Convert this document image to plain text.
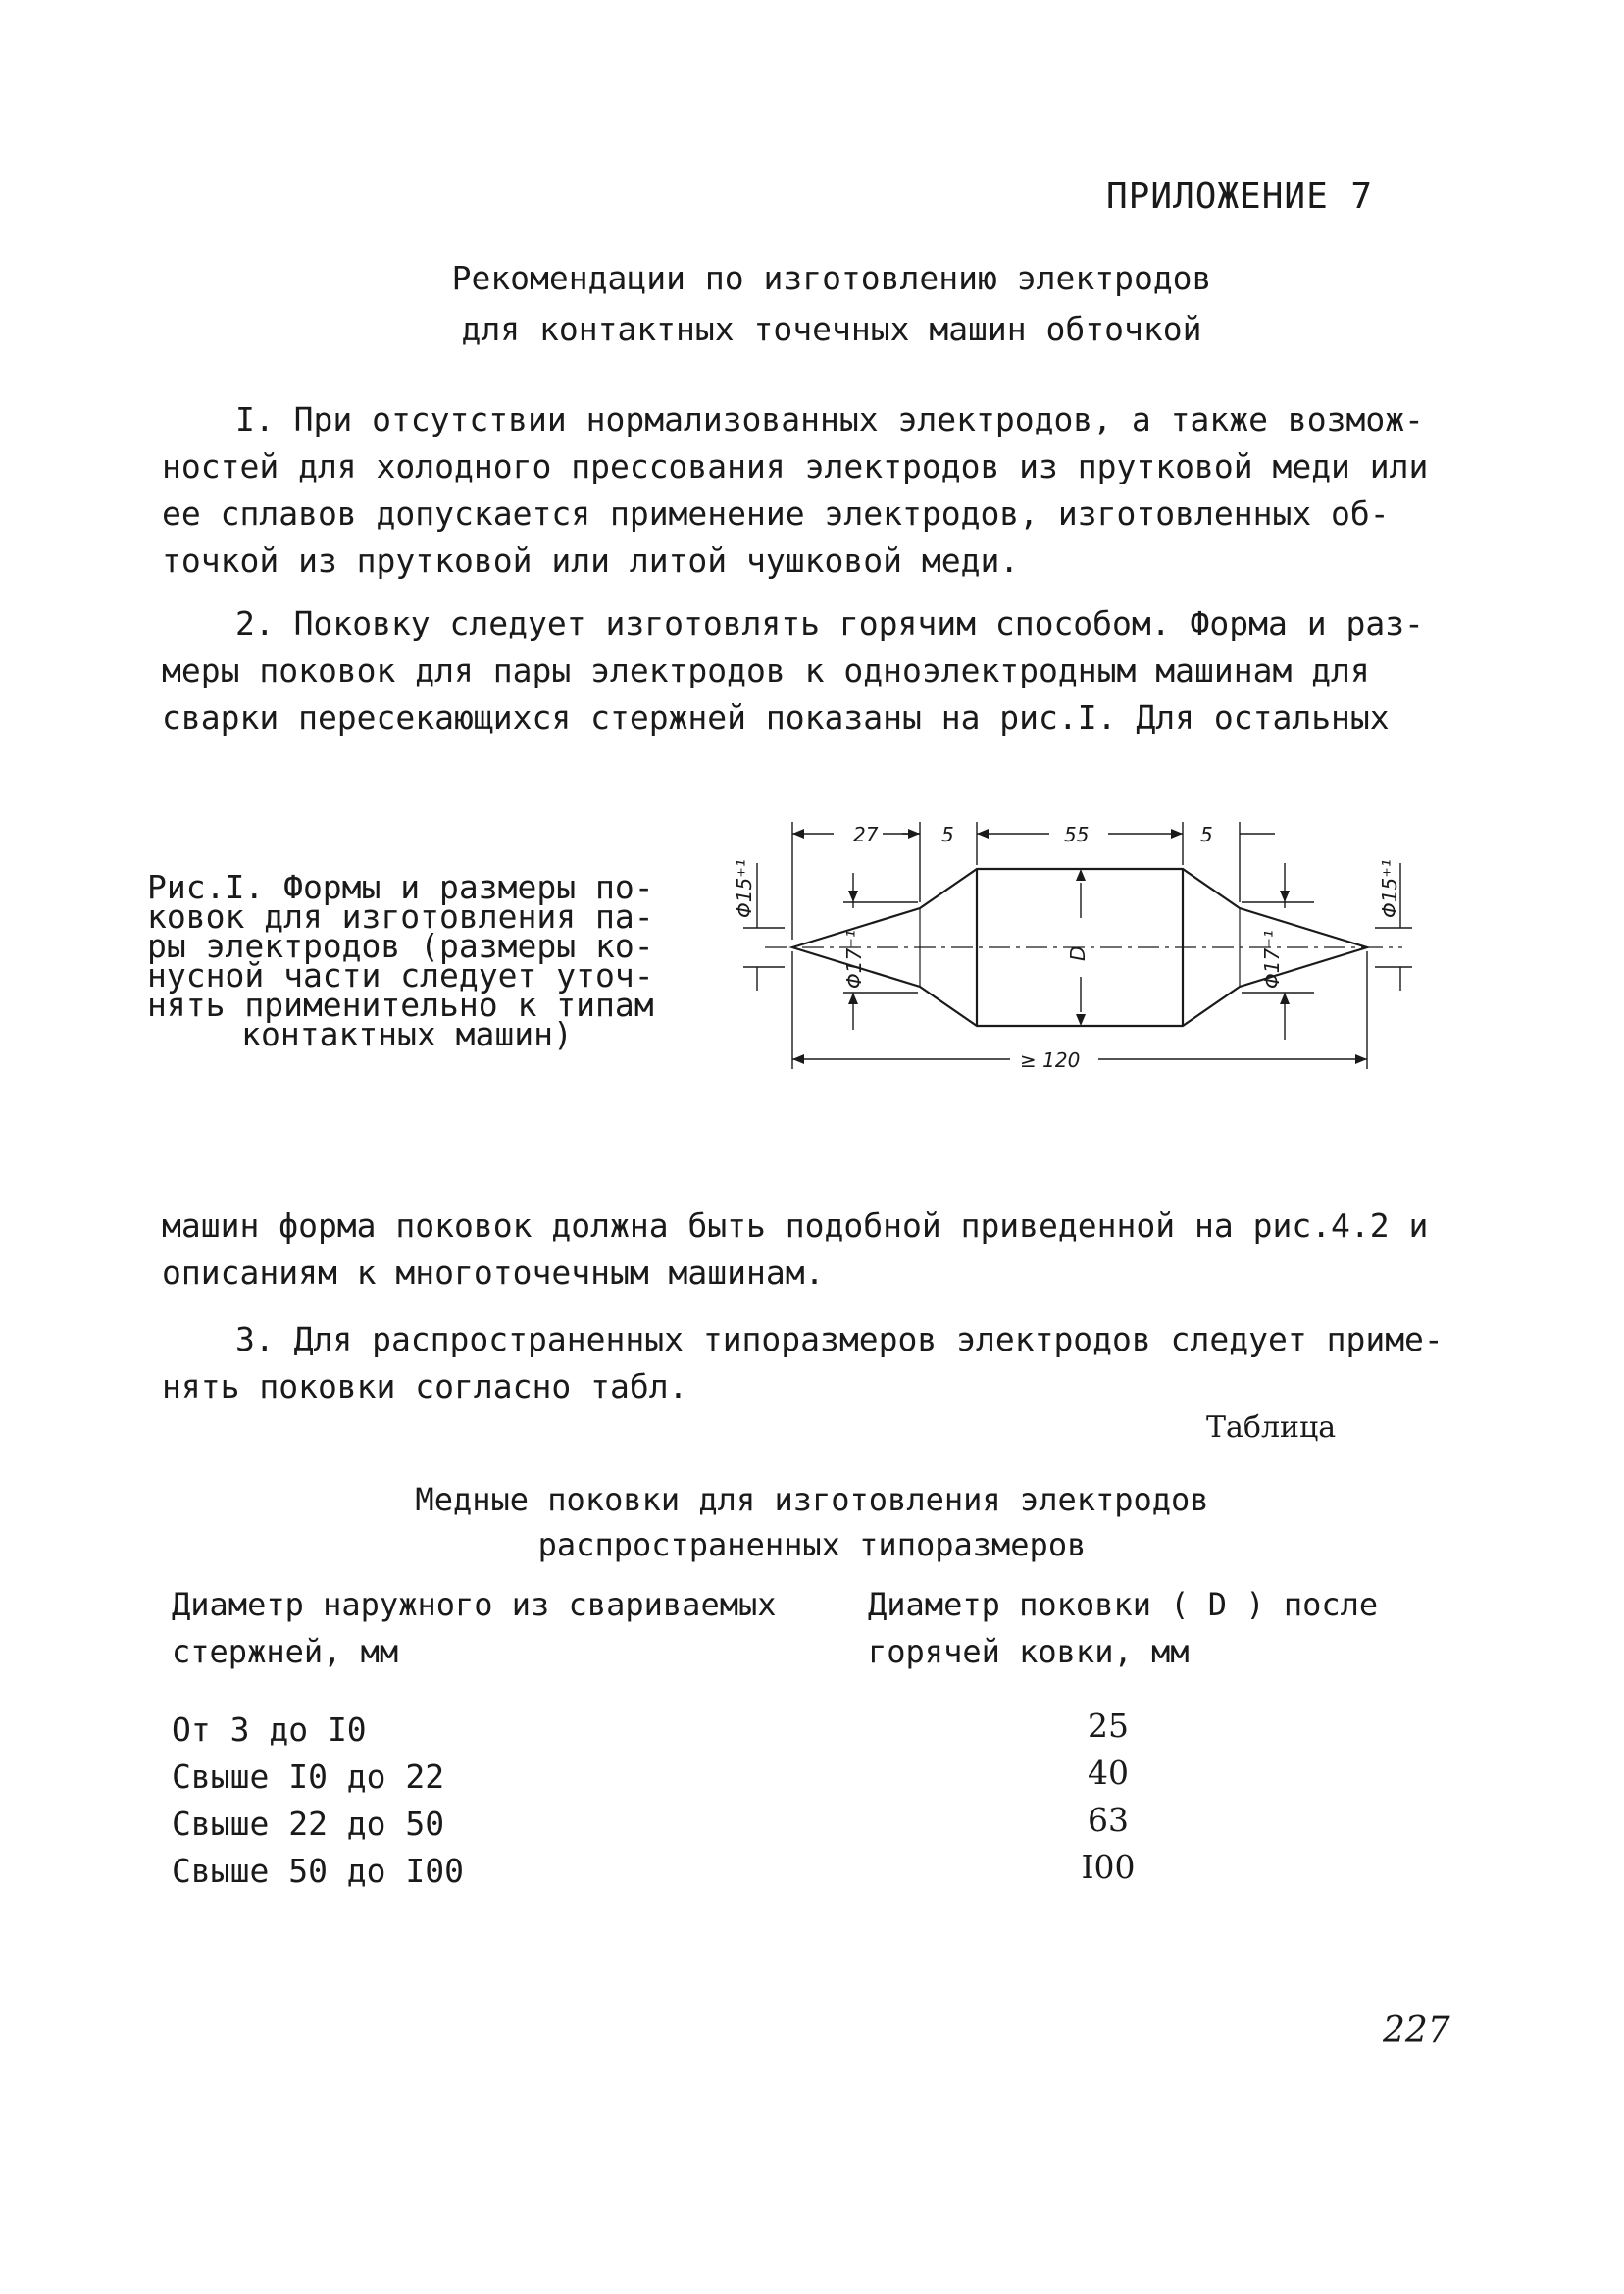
ПРИЛОЖЕНИЕ 7
Рекомендации по изготовлению электродов
для контактных точечных машин обточкой
I. При отсутствии нормализованных электродов, а также возмож-
ностей для холодного прессования электродов из прутковой меди или
ее сплавов допускается применение электродов, изготовленных об-
точкой из прутковой или литой чушковой меди.
2. Поковку следует изготовлять горячим способом. Форма и раз-
меры поковок для пары электродов к одноэлектродным машинам для
сварки пересекающихся стержней показаны на рис.I. Для остальных
Рис.I. Формы и размеры по-
ковок для изготовления па-
ры электродов (размеры ко-
нусной части следует уточ-
нять применительно к типам
контактных машин)
27	5	55	5
≥ 120
Φ15⁺¹
Φ17⁺¹	D	Φ17⁺¹
Φ15⁺¹
машин форма поковок должна быть подобной приведенной на рис.4.2 и
описаниям к многоточечным машинам.
3. Для распространенных типоразмеров электродов следует приме-
нять поковки согласно табл.
Таблица
Медные поковки для изготовления электродов
распространенных типоразмеров
Диаметр наружного из свариваемых
стержней, мм
Диаметр поковки ( D ) после
горячей ковки, мм
От 3 до I0	25
Свыше I0 до 22	40
Свыше 22 до 50	63
Свыше 50 до I00	I00
227
